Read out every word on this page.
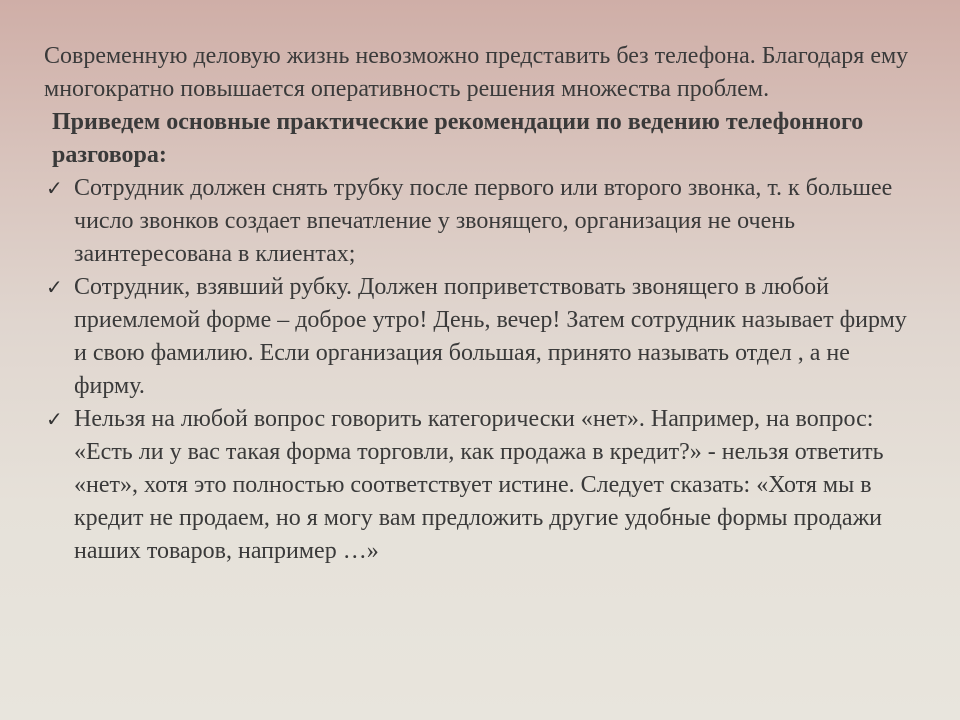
Современную деловую жизнь невозможно представить без телефона. Благодаря ему многократно повышается оперативность решения множества проблем.

Приведем основные практические рекомендации по ведению телефонного разговора:

✓ Сотрудник должен снять трубку после первого или второго звонка, т. к большее число звонков создает впечатление у звонящего, организация не очень заинтересована в клиентах;
✓ Сотрудник, взявший рубку. Должен поприветствовать звонящего в любой приемлемой форме – доброе утро! День, вечер! Затем сотрудник называет фирму и свою фамилию. Если организация большая, принято называть отдел , а не фирму.
✓ Нельзя на любой вопрос говорить категорически «нет». Например, на вопрос: «Есть ли у вас такая форма торговли, как продажа в кредит?» - нельзя ответить «нет», хотя это полностью соответствует истине. Следует сказать: «Хотя мы в кредит не продаем, но я могу вам предложить другие удобные формы продажи наших товаров, например …»
